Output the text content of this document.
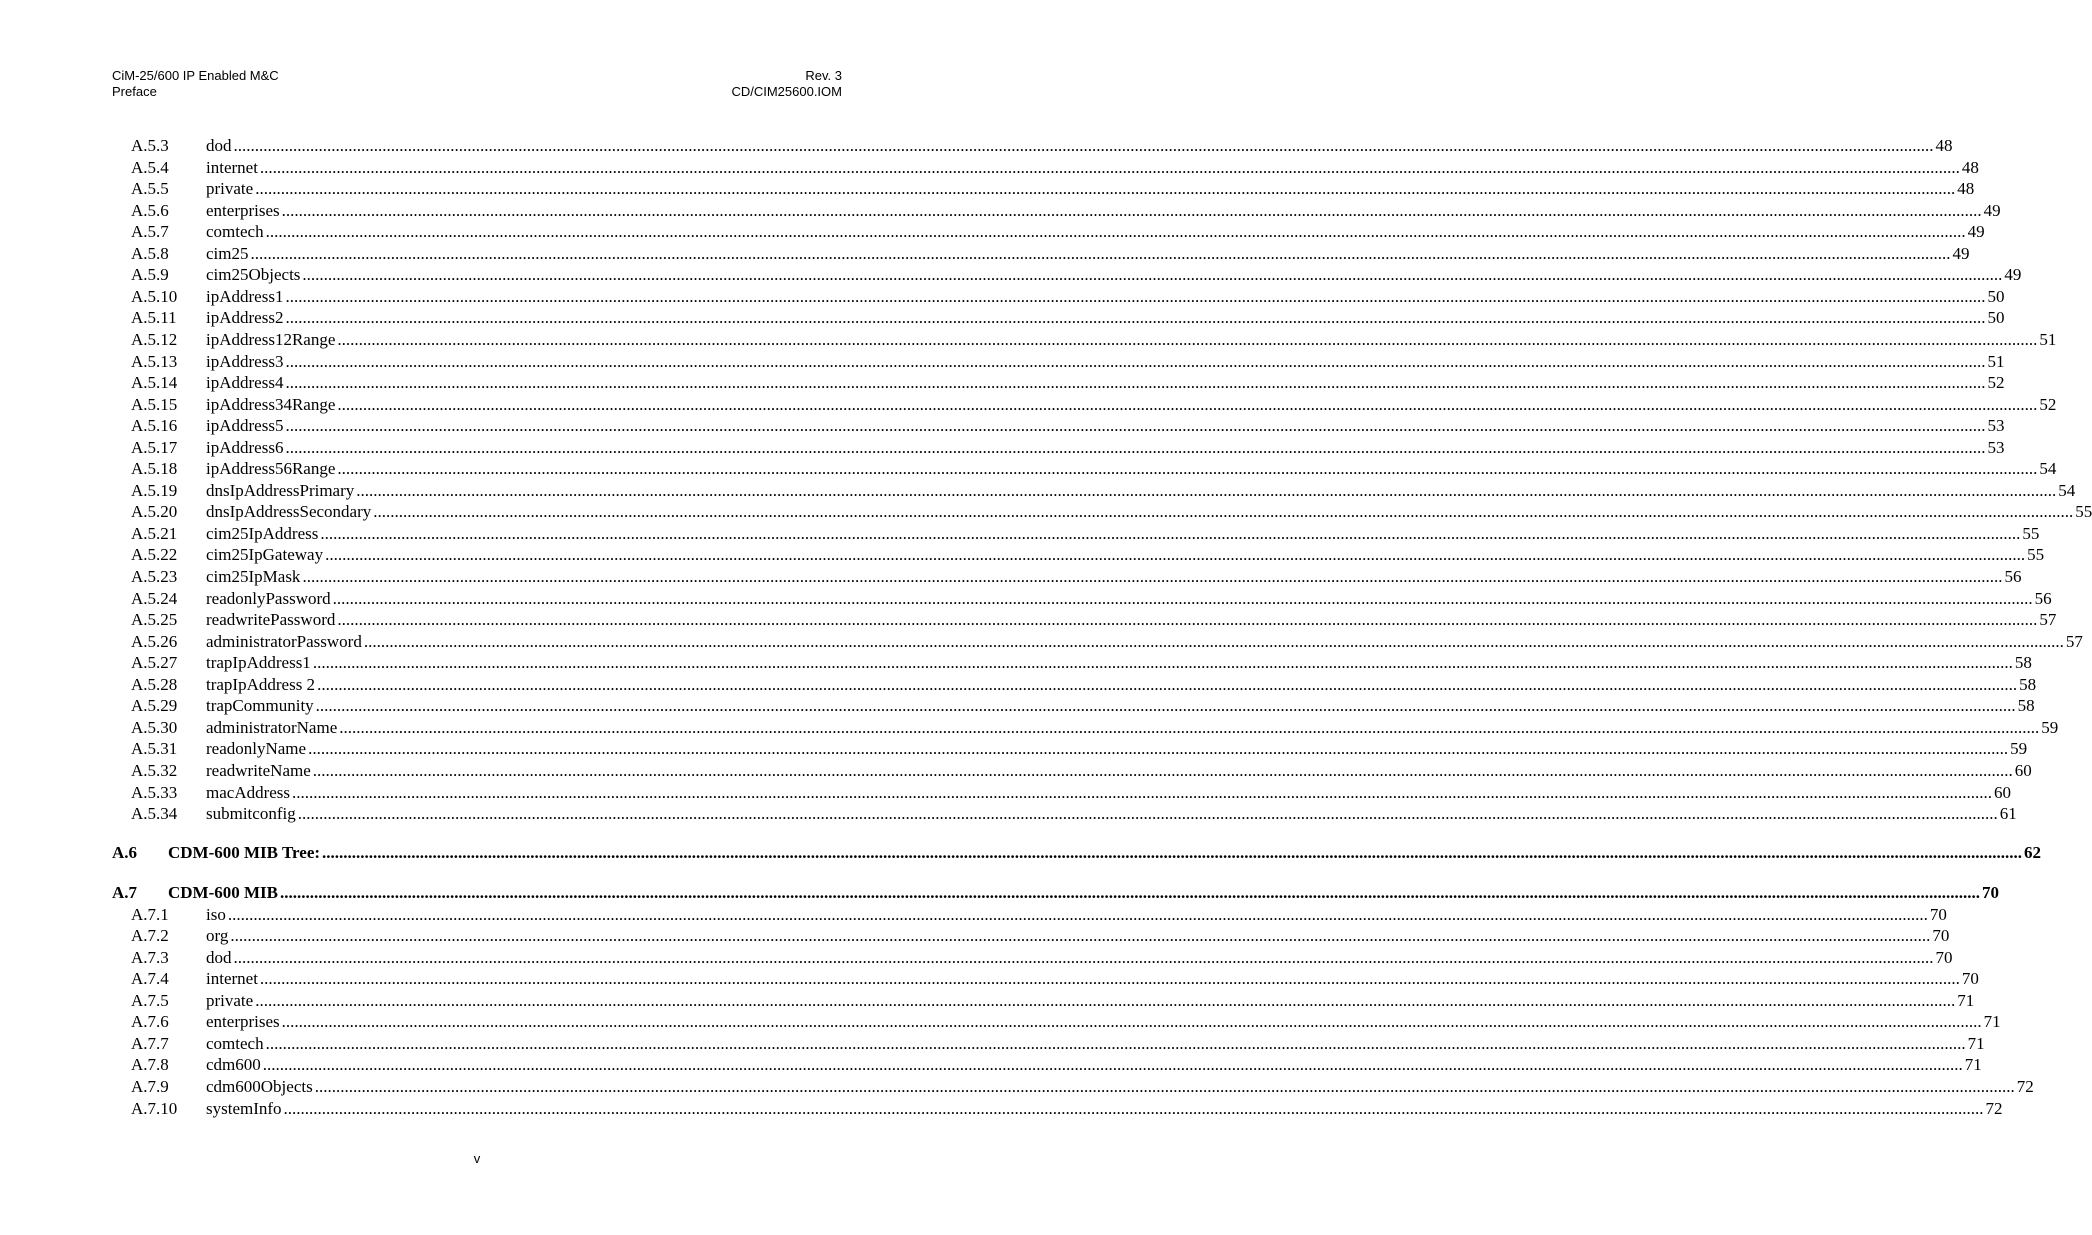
CiM-25/600 IP Enabled M&C
Preface
Rev. 3
CD/CIM25600.IOM
A.5.3 dod ................................................................................................................................................................................................................................................................................................................................................................................................................ 48
A.5.4 internet ................................................................................................................................................................................................................................................................................................................................................................................................................ 48
A.5.5 private ................................................................................................................................................................................................................................................................................................................................................................................................................ 48
A.5.6 enterprises ................................................................................................................................................................................................................................................................................................................................................................................................................ 49
A.5.7 comtech ................................................................................................................................................................................................................................................................................................................................................................................................................ 49
A.5.8 cim25 ................................................................................................................................................................................................................................................................................................................................................................................................................ 49
A.5.9 cim25Objects ................................................................................................................................................................................................................................................................................................................................................................................................................ 49
A.5.10 ipAddress1 ................................................................................................................................................................................................................................................................................................................................................................................................................ 50
A.5.11 ipAddress2 ................................................................................................................................................................................................................................................................................................................................................................................................................ 50
A.5.12 ipAddress12Range ................................................................................................................................................................................................................................................................................................................................................................................................................ 51
A.5.13 ipAddress3 ................................................................................................................................................................................................................................................................................................................................................................................................................ 51
A.5.14 ipAddress4 ................................................................................................................................................................................................................................................................................................................................................................................................................ 52
A.5.15 ipAddress34Range ................................................................................................................................................................................................................................................................................................................................................................................................................ 52
A.5.16 ipAddress5 ................................................................................................................................................................................................................................................................................................................................................................................................................ 53
A.5.17 ipAddress6 ................................................................................................................................................................................................................................................................................................................................................................................................................ 53
A.5.18 ipAddress56Range ................................................................................................................................................................................................................................................................................................................................................................................................................ 54
A.5.19 dnsIpAddressPrimary ................................................................................................................................................................................................................................................................................................................................................................................................................ 54
A.5.20 dnsIpAddressSecondary ................................................................................................................................................................................................................................................................................................................................................................................................................ 55
A.5.21 cim25IpAddress ................................................................................................................................................................................................................................................................................................................................................................................................................ 55
A.5.22 cim25IpGateway ................................................................................................................................................................................................................................................................................................................................................................................................................ 55
A.5.23 cim25IpMask ................................................................................................................................................................................................................................................................................................................................................................................................................ 56
A.5.24 readonlyPassword ................................................................................................................................................................................................................................................................................................................................................................................................................ 56
A.5.25 readwritePassword ................................................................................................................................................................................................................................................................................................................................................................................................................ 57
A.5.26 administratorPassword ................................................................................................................................................................................................................................................................................................................................................................................................................ 57
A.5.27 trapIpAddress1 ................................................................................................................................................................................................................................................................................................................................................................................................................ 58
A.5.28 trapIpAddress 2 ................................................................................................................................................................................................................................................................................................................................................................................................................ 58
A.5.29 trapCommunity ................................................................................................................................................................................................................................................................................................................................................................................................................ 58
A.5.30 administratorName ................................................................................................................................................................................................................................................................................................................................................................................................................ 59
A.5.31 readonlyName ................................................................................................................................................................................................................................................................................................................................................................................................................ 59
A.5.32 readwriteName ................................................................................................................................................................................................................................................................................................................................................................................................................ 60
A.5.33 macAddress ................................................................................................................................................................................................................................................................................................................................................................................................................ 60
A.5.34 submitconfig ................................................................................................................................................................................................................................................................................................................................................................................................................ 61
A.6 CDM-600 MIB Tree: ................................................................................................................................................................................................................................................................................................................................................................................................................ 62
A.7 CDM-600 MIB ................................................................................................................................................................................................................................................................................................................................................................................................................ 70
A.7.1 iso ................................................................................................................................................................................................................................................................................................................................................................................................................ 70
A.7.2 org ................................................................................................................................................................................................................................................................................................................................................................................................................ 70
A.7.3 dod ................................................................................................................................................................................................................................................................................................................................................................................................................ 70
A.7.4 internet ................................................................................................................................................................................................................................................................................................................................................................................................................ 70
A.7.5 private ................................................................................................................................................................................................................................................................................................................................................................................................................ 71
A.7.6 enterprises ................................................................................................................................................................................................................................................................................................................................................................................................................ 71
A.7.7 comtech ................................................................................................................................................................................................................................................................................................................................................................................................................ 71
A.7.8 cdm600 ................................................................................................................................................................................................................................................................................................................................................................................................................ 71
A.7.9 cdm600Objects ................................................................................................................................................................................................................................................................................................................................................................................................................ 72
A.7.10 systemInfo ................................................................................................................................................................................................................................................................................................................................................................................................................ 72
v
